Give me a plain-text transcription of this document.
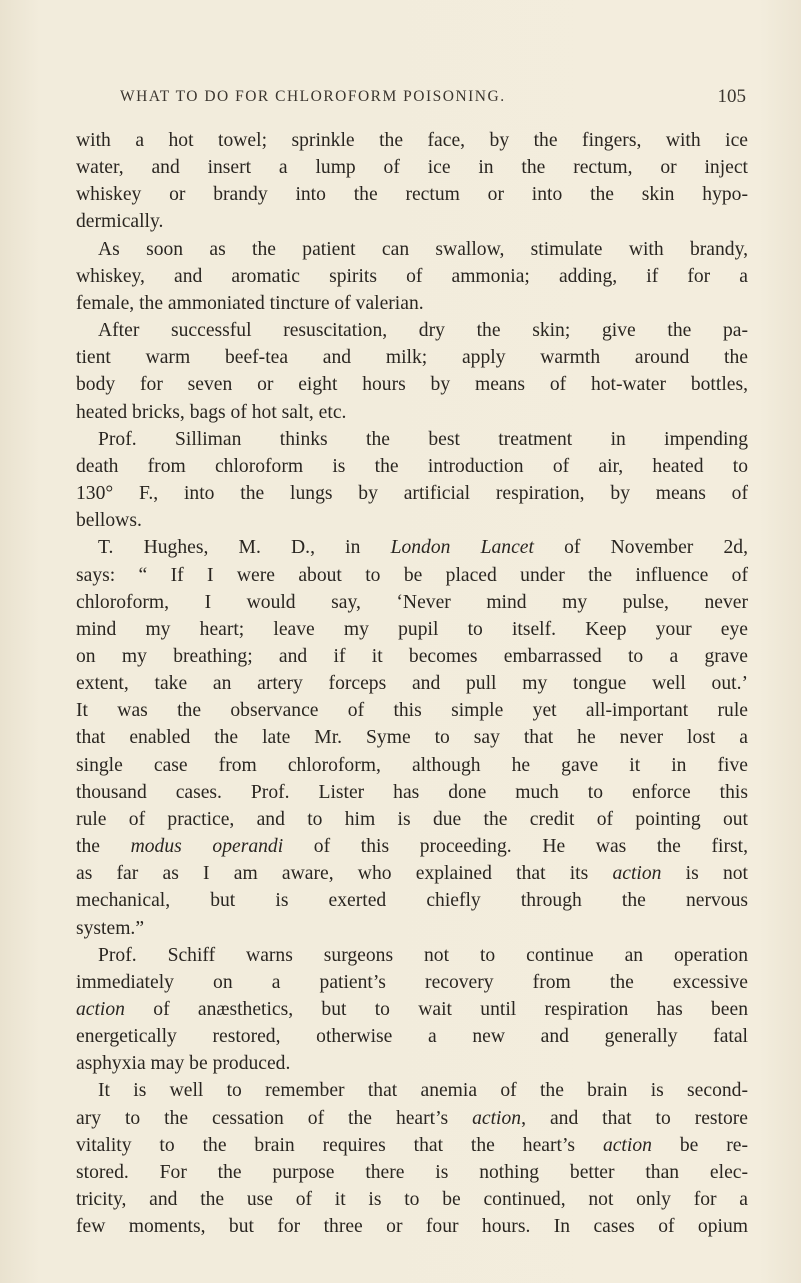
WHAT TO DO FOR CHLOROFORM POISONING.	105

with a hot towel; sprinkle the face, by the fingers, with ice
water, and insert a lump of ice in the rectum, or inject
whiskey or brandy into the rectum or into the skin hypo-
dermically.

As soon as the patient can swallow, stimulate with brandy,
whiskey, and aromatic spirits of ammonia; adding, if for a
female, the ammoniated tincture of valerian.

After successful resuscitation, dry the skin; give the pa-
tient warm beef-tea and milk; apply warmth around the
body for seven or eight hours by means of hot-water bottles,
heated bricks, bags of hot salt, etc.

Prof. Silliman thinks the best treatment in impending
death from chloroform is the introduction of air, heated to
130° F., into the lungs by artificial respiration, by means of
bellows.

T. Hughes, M. D., in London Lancet of November 2d,
says: “ If I were about to be placed under the influence of
chloroform, I would say, ‘Never mind my pulse, never
mind my heart; leave my pupil to itself. Keep your eye
on my breathing; and if it becomes embarrassed to a grave
extent, take an artery forceps and pull my tongue well out.’
It was the observance of this simple yet all-important rule
that enabled the late Mr. Syme to say that he never lost a
single case from chloroform, although he gave it in five
thousand cases. Prof. Lister has done much to enforce this
rule of practice, and to him is due the credit of pointing out
the modus operandi of this proceeding. He was the first,
as far as I am aware, who explained that its action is not
mechanical, but is exerted chiefly through the nervous
system.”

Prof. Schiff warns surgeons not to continue an operation
immediately on a patient’s recovery from the excessive
action of anæsthetics, but to wait until respiration has been
energetically restored, otherwise a new and generally fatal
asphyxia may be produced.

It is well to remember that anemia of the brain is second-
ary to the cessation of the heart’s action, and that to restore
vitality to the brain requires that the heart’s action be re-
stored. For the purpose there is nothing better than elec-
tricity, and the use of it is to be continued, not only for a
few moments, but for three or four hours. In cases of opium
